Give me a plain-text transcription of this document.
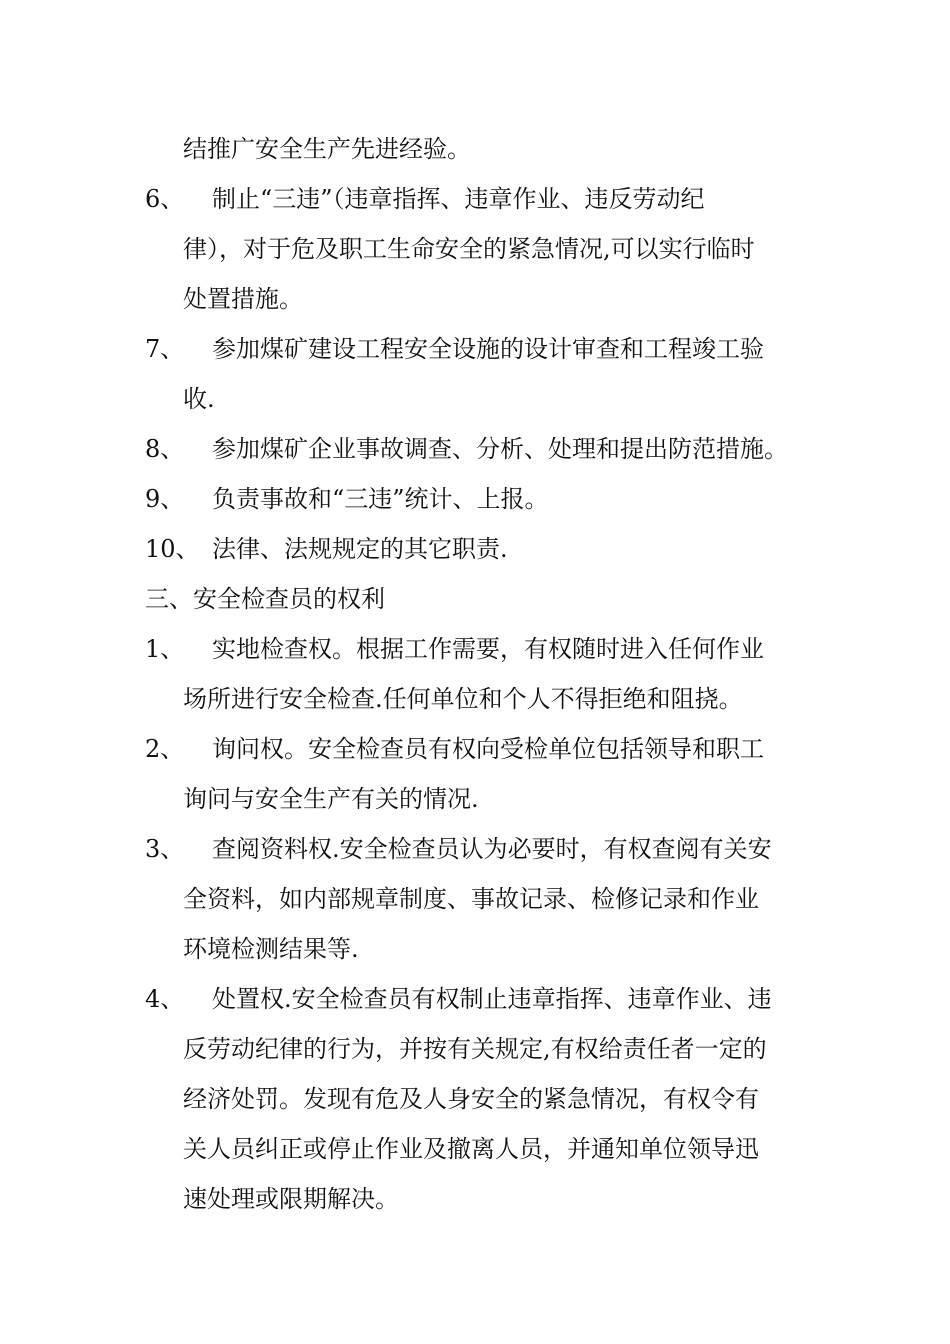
结推广安全生产先进经验。
6、 制止“三违”（违章指挥、违章作业、违反劳动纪
律），对于危及职工生命安全的紧急情况,可以实行临时
处置措施。
7、 参加煤矿建设工程安全设施的设计审查和工程竣工验
收.
8、 参加煤矿企业事故调查、分析、处理和提出防范措施。
9、 负责事故和“三违”统计、上报。
10、 法律、法规规定的其它职责.
三、安全检查员的权利
1、 实地检查权。根据工作需要，有权随时进入任何作业
场所进行安全检查.任何单位和个人不得拒绝和阻挠。
2、 询问权。安全检查员有权向受检单位包括领导和职工
询问与安全生产有关的情况.
3、 查阅资料权.安全检查员认为必要时，有权查阅有关安
全资料，如内部规章制度、事故记录、检修记录和作业
环境检测结果等.
4、 处置权.安全检查员有权制止违章指挥、违章作业、违
反劳动纪律的行为，并按有关规定,有权给责任者一定的
经济处罚。发现有危及人身安全的紧急情况，有权令有
关人员纠正或停止作业及撤离人员，并通知单位领导迅
速处理或限期解决。
